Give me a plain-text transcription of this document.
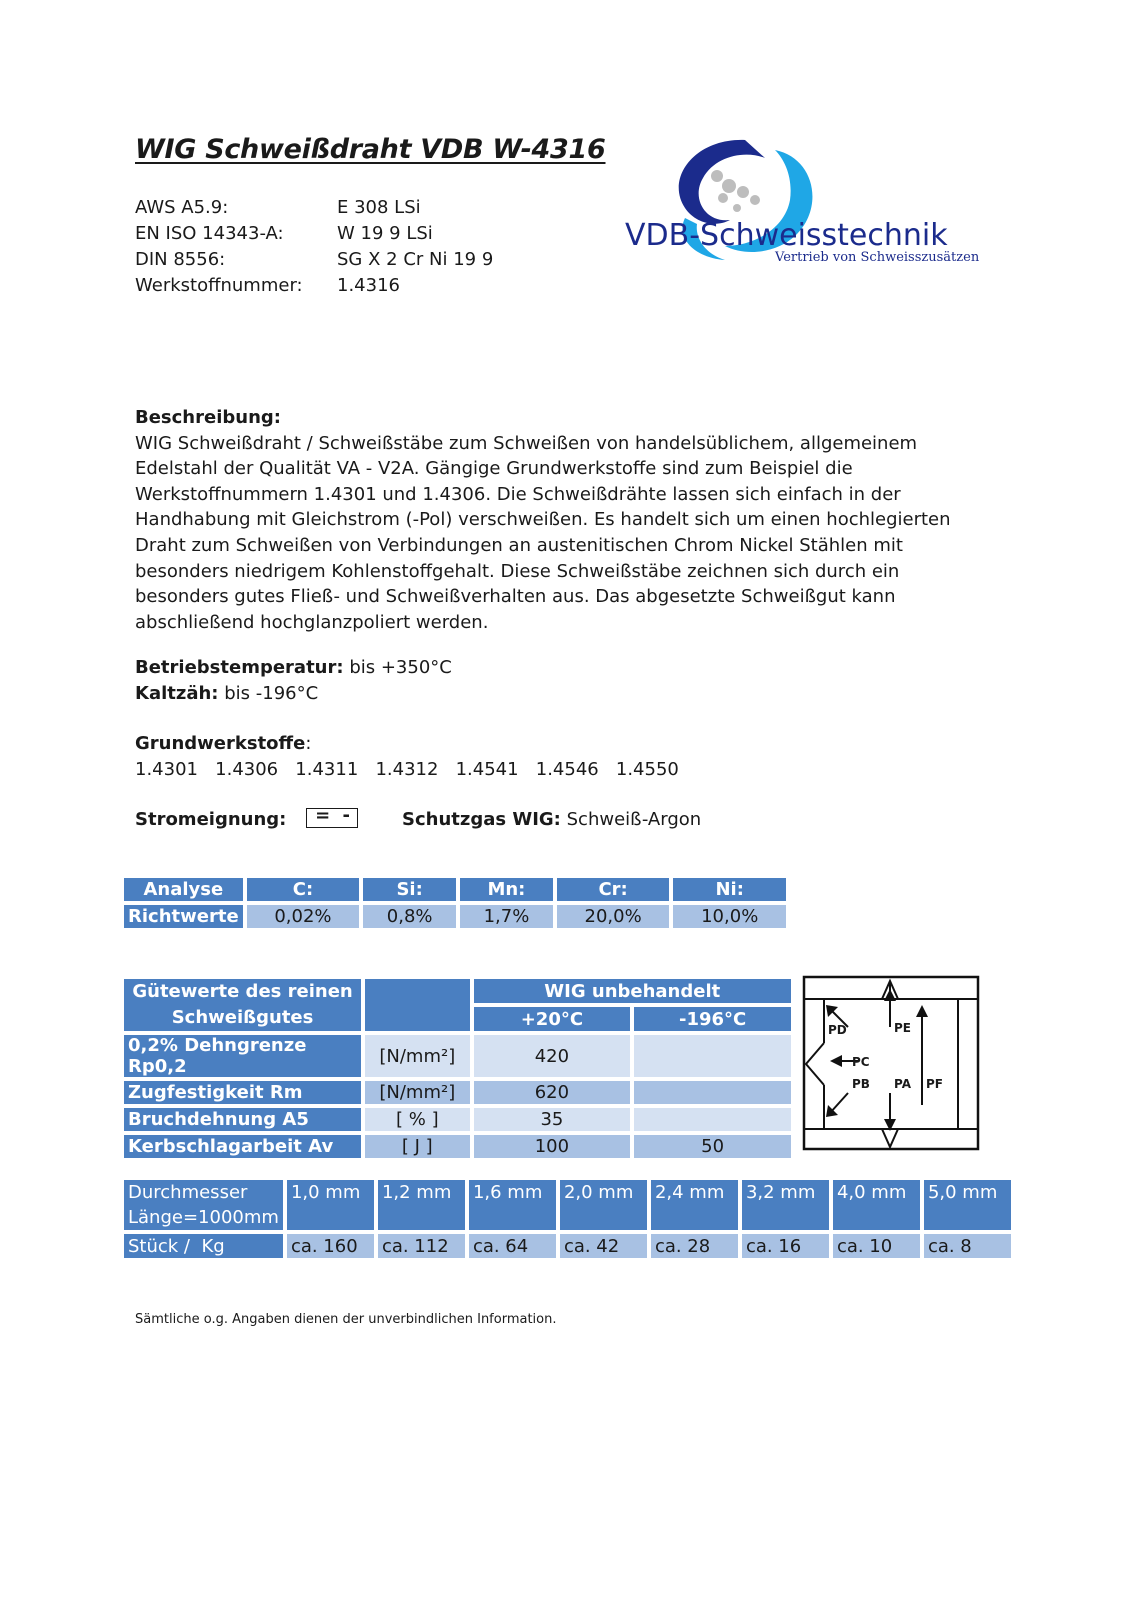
WIG Schweißdraht VDB W-4316
VDB-Schweisstechnik
Vertrieb von Schweisszusätzen
AWS A5.9:	E 308 LSi
EN ISO 14343-A:	W 19 9 LSi
DIN 8556:	SG X 2 Cr Ni 19 9
Werkstoffnummer: 1.4316
Beschreibung:
WIG Schweißdraht / Schweißstäbe zum Schweißen von handelsüblichem, allgemeinem Edelstahl der Qualität VA - V2A. Gängige Grundwerkstoffe sind zum Beispiel die Werkstoffnummern 1.4301 und 1.4306. Die Schweißdrähte lassen sich einfach in der Handhabung mit Gleichstrom (-Pol) verschweißen. Es handelt sich um einen hochlegierten Draht zum Schweißen von Verbindungen an austenitischen Chrom Nickel Stählen mit besonders niedrigem Kohlenstoffgehalt. Diese Schweißstäbe zeichnen sich durch ein besonders gutes Fließ- und Schweißverhalten aus. Das abgesetzte Schweißgut kann abschließend hochglanzpoliert werden.
Betriebstemperatur: bis +350°C
Kaltzäh: bis -196°C
Grundwerkstoffe:
1.4301   1.4306   1.4311   1.4312   1.4541   1.4546   1.4550
Stromeignung: = -	Schutzgas WIG: Schweiß-Argon
Analyse	C:	Si:	Mn:	Cr:	Ni:
Richtwerte	0,02%	0,8%	1,7%	20,0%	10,0%
Gütewerte des reinen Schweißgutes		WIG unbehandelt	
		+20°C	-196°C
0,2% Dehngrenze Rp0,2	[N/mm²]	420	
Zugfestigkeit Rm	[N/mm²]	620	
Bruchdehnung A5	[ % ]	35	
Kerbschlagarbeit Av	[ J ]	100	50
PD	PE
PC
PB PA PF
Durchmesser
Länge=1000mm	1,0 mm	1,2 mm	1,6 mm	2,0 mm	2,4 mm	3,2 mm	4,0 mm	5,0 mm
Stück /  Kg	ca. 160	ca. 112	ca. 64	ca. 42	ca. 28	ca. 16	ca. 10	ca. 8
Sämtliche o.g. Angaben dienen der unverbindlichen Information.
